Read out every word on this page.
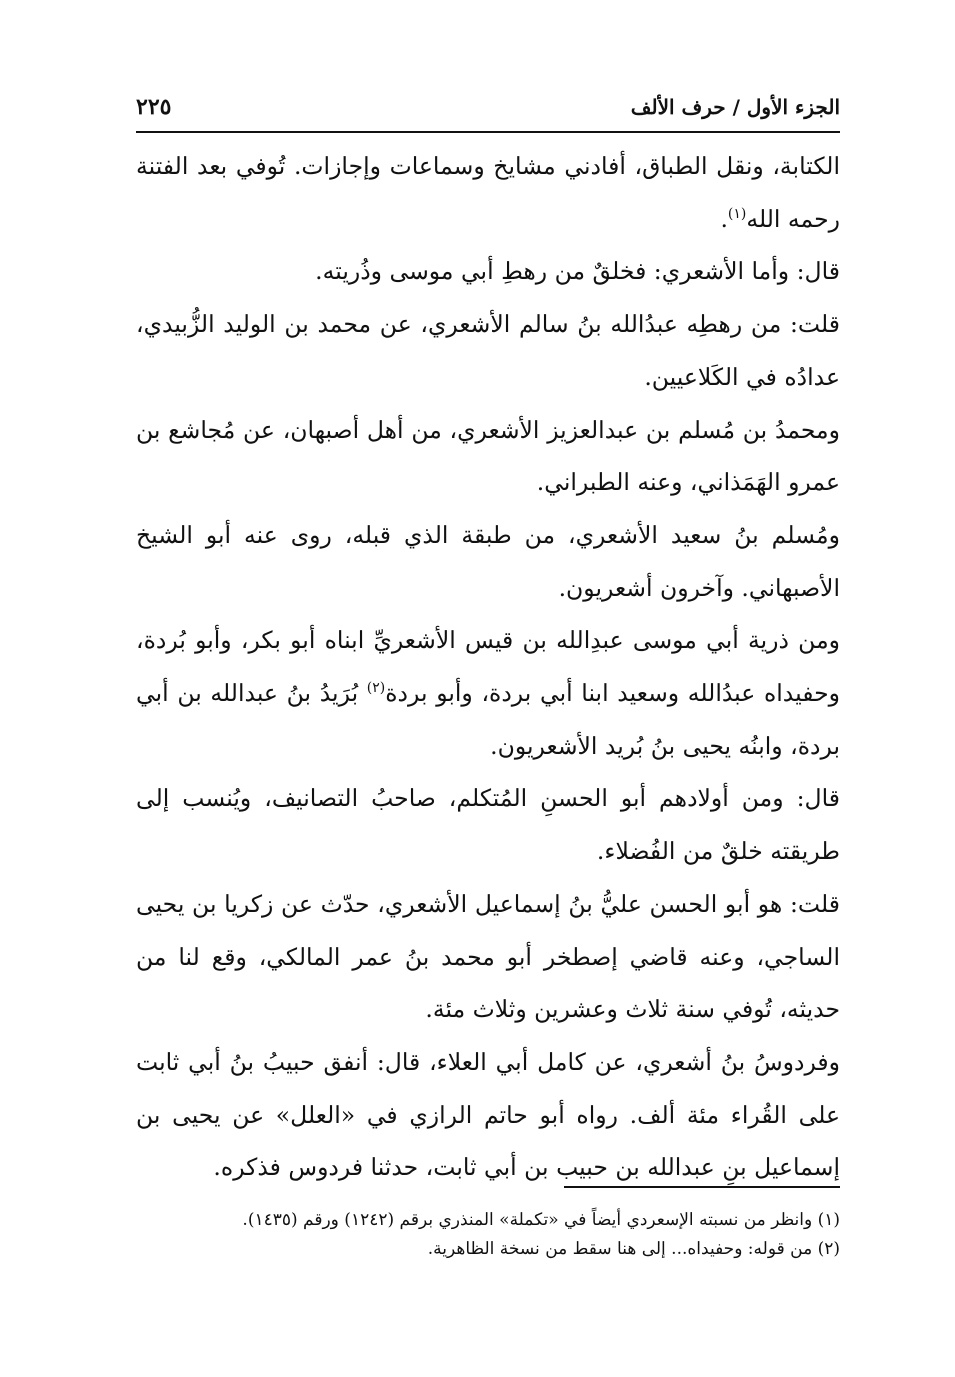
الجزء الأول / حرف الألف
٢٢٥

الكتابة، ونقل الطباق، أفادني مشايخ وسماعات وإجازات. تُوفي بعد الفتنة رحمه الله$^{(١)}$.

قال: وأما الأشعري: فخلقٌ من رهطِ أبي موسى وذُريته.

قلت: من رهطِه عبدُالله بنُ سالم الأشعري، عن محمد بن الوليد الزُّبيدي، عدادُه في الكَلاعيين.

ومحمدُ بن مُسلم بن عبدالعزيز الأشعري، من أهل أصبهان، عن مُجاشع بن عمرو الهَمَذاني، وعنه الطبراني.

ومُسلم بنُ سعيد الأشعري، من طبقة الذي قبله، روى عنه أبو الشيخ الأصبهاني. وآخرون أشعريون.

ومن ذرية أبي موسى عبدِالله بن قيس الأشعريِّ ابناه أبو بكر، وأبو بُردة، وحفيداه عبدُالله وسعيد ابنا أبي بردة، وأبو بردة$^{(٢)}$ بُرَيدُ بنُ عبدالله بن أبي بردة، وابنُه يحيى بنُ بُريد الأشعريون.

قال: ومن أولادهم أبو الحسنِ المُتكلم، صاحبُ التصانيف، ويُنسب إلى طريقته خلقٌ من الفُضلاء.

قلت: هو أبو الحسن عليُّ بنُ إسماعيل الأشعري، حدّث عن زكريا بن يحيى الساجي، وعنه قاضي إصطخر أبو محمد بنُ عمر المالكي، وقع لنا من حديثه، تُوفي سنة ثلاث وعشرين وثلاث مئة.

وفردوسُ بنُ أشعري، عن كامل أبي العلاء، قال: أنفق حبيبُ بنُ أبي ثابت على القُراء مئة ألف. رواه أبو حاتم الرازي في «العلل» عن يحيى بن إسماعيل بنِ عبدالله بن حبيب بن أبي ثابت، حدثنا فردوس فذكره.

(١) وانظر من نسبته الإسعردي أيضاً في «تكملة» المنذري برقم (١٢٤٢) ورقم (١٤٣٥).

(٢) من قوله: وحفيداه... إلى هنا سقط من نسخة الظاهرية.
